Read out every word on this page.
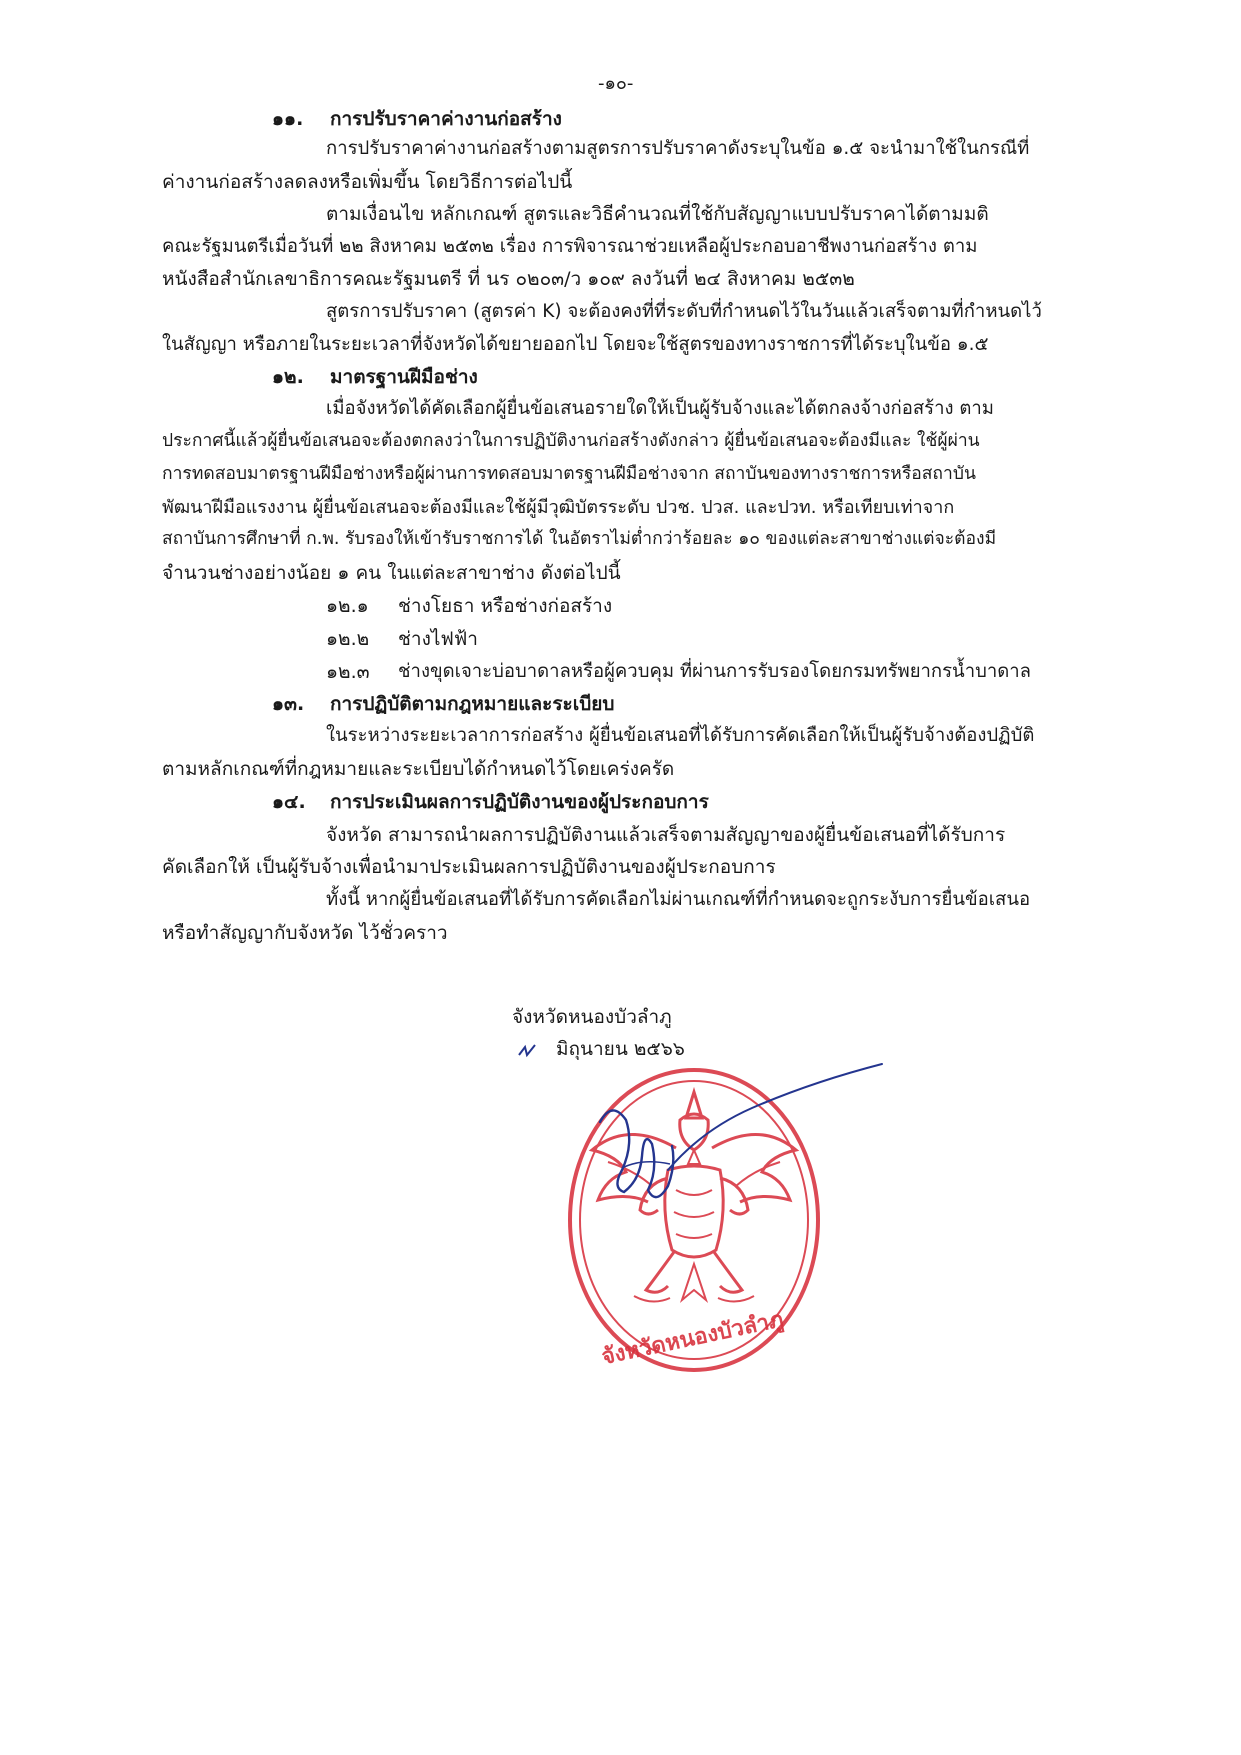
-๑๐-
๑๑. การปรับราคาค่างานก่อสร้าง
การปรับราคาค่างานก่อสร้างตามสูตรการปรับราคาดังระบุในข้อ ๑.๕ จะนำมาใช้ในกรณีที่
ค่างานก่อสร้างลดลงหรือเพิ่มขึ้น โดยวิธีการต่อไปนี้
ตามเงื่อนไข หลักเกณฑ์ สูตรและวิธีคำนวณที่ใช้กับสัญญาแบบปรับราคาได้ตามมติ
คณะรัฐมนตรีเมื่อวันที่ ๒๒ สิงหาคม ๒๕๓๒ เรื่อง การพิจารณาช่วยเหลือผู้ประกอบอาชีพงานก่อสร้าง ตาม
หนังสือสำนักเลขาธิการคณะรัฐมนตรี ที่ นร ๐๒๐๓/ว ๑๐๙ ลงวันที่ ๒๔ สิงหาคม ๒๕๓๒
สูตรการปรับราคา (สูตรค่า K) จะต้องคงที่ที่ระดับที่กำหนดไว้ในวันแล้วเสร็จตามที่กำหนดไว้
ในสัญญา หรือภายในระยะเวลาที่จังหวัดได้ขยายออกไป โดยจะใช้สูตรของทางราชการที่ได้ระบุในข้อ ๑.๕
๑๒. มาตรฐานฝีมือช่าง
เมื่อจังหวัดได้คัดเลือกผู้ยื่นข้อเสนอรายใดให้เป็นผู้รับจ้างและได้ตกลงจ้างก่อสร้าง ตาม
ประกาศนี้แล้วผู้ยื่นข้อเสนอจะต้องตกลงว่าในการปฏิบัติงานก่อสร้างดังกล่าว ผู้ยื่นข้อเสนอจะต้องมีและ ใช้ผู้ผ่าน
การทดสอบมาตรฐานฝีมือช่างหรือผู้ผ่านการทดสอบมาตรฐานฝีมือช่างจาก สถาบันของทางราชการหรือสถาบัน
พัฒนาฝีมือแรงงาน ผู้ยื่นข้อเสนอจะต้องมีและใช้ผู้มีวุฒิบัตรระดับ ปวช. ปวส. และปวท. หรือเทียบเท่าจาก
สถาบันการศึกษาที่ ก.พ. รับรองให้เข้ารับราชการได้ ในอัตราไม่ต่ำกว่าร้อยละ ๑๐ ของแต่ละสาขาช่างแต่จะต้องมี
จำนวนช่างอย่างน้อย ๑ คน ในแต่ละสาขาช่าง ดังต่อไปนี้
๑๒.๑ ช่างโยธา หรือช่างก่อสร้าง
๑๒.๒ ช่างไฟฟ้า
๑๒.๓ ช่างขุดเจาะบ่อบาดาลหรือผู้ควบคุม ที่ผ่านการรับรองโดยกรมทรัพยากรน้ำบาดาล
๑๓. การปฏิบัติตามกฎหมายและระเบียบ
ในระหว่างระยะเวลาการก่อสร้าง ผู้ยื่นข้อเสนอที่ได้รับการคัดเลือกให้เป็นผู้รับจ้างต้องปฏิบัติ
ตามหลักเกณฑ์ที่กฎหมายและระเบียบได้กำหนดไว้โดยเคร่งครัด
๑๔. การประเมินผลการปฏิบัติงานของผู้ประกอบการ
จังหวัด สามารถนำผลการปฏิบัติงานแล้วเสร็จตามสัญญาของผู้ยื่นข้อเสนอที่ได้รับการ
คัดเลือกให้ เป็นผู้รับจ้างเพื่อนำมาประเมินผลการปฏิบัติงานของผู้ประกอบการ
ทั้งนี้ หากผู้ยื่นข้อเสนอที่ได้รับการคัดเลือกไม่ผ่านเกณฑ์ที่กำหนดจะถูกระงับการยื่นข้อเสนอ
หรือทำสัญญากับจังหวัด ไว้ชั่วคราว
จังหวัดหนองบัวลำภู
มิถุนายน ๒๕๖๖
จังหวัดหนองบัวลำภู
